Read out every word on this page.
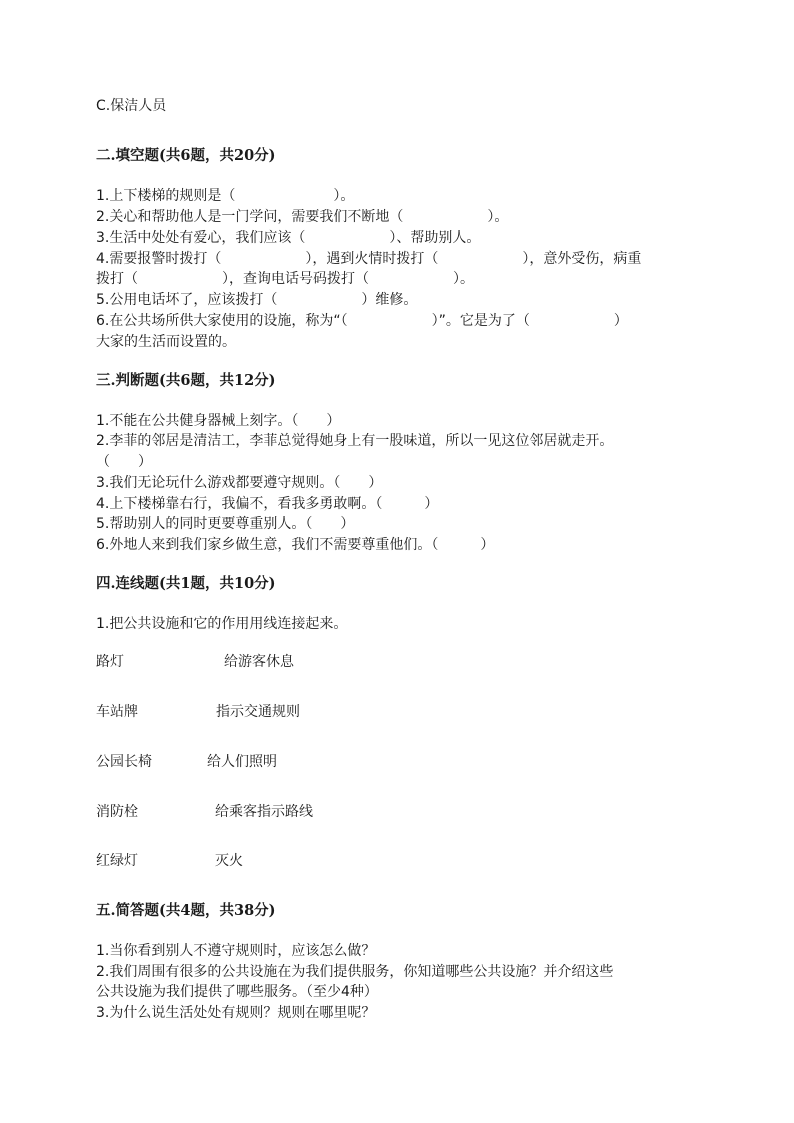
C.保洁人员
二.填空题(共6题，共20分)
1.上下楼梯的规则是（　　　　　　　）。
2.关心和帮助他人是一门学问，需要我们不断地（　　　　　　）。
3.生活中处处有爱心，我们应该（　　　　　　）、帮助别人。
4.需要报警时拨打（　　　　　　），遇到火情时拨打（　　　　　　），意外受伤，病重
拨打（　　　　　　），查询电话号码拨打（　　　　　　）。
5.公用电话坏了，应该拨打（　　　　　　）维修。
6.在公共场所供大家使用的设施，称为“（　　　　　　）”。它是为了（　　　　　　）
大家的生活而设置的。
三.判断题(共6题，共12分)
1.不能在公共健身器械上刻字。（　　）
2.李菲的邻居是清洁工，李菲总觉得她身上有一股味道，所以一见这位邻居就走开。
（　　）
3.我们无论玩什么游戏都要遵守规则。（　　）
4.上下楼梯靠右行，我偏不，看我多勇敢啊。（　　　）
5.帮助别人的同时更要尊重别人。（　　）
6.外地人来到我们家乡做生意，我们不需要尊重他们。（　　　）
四.连线题(共1题，共10分)
1.把公共设施和它的作用用线连接起来。
路灯	给游客休息
车站牌	指示交通规则
公园长椅	给人们照明
消防栓	给乘客指示路线
红绿灯	灭火
五.简答题(共4题，共38分)
1.当你看到别人不遵守规则时，应该怎么做？
2.我们周围有很多的公共设施在为我们提供服务，你知道哪些公共设施？并介绍这些
公共设施为我们提供了哪些服务。（至少4种）
3.为什么说生活处处有规则？规则在哪里呢？
